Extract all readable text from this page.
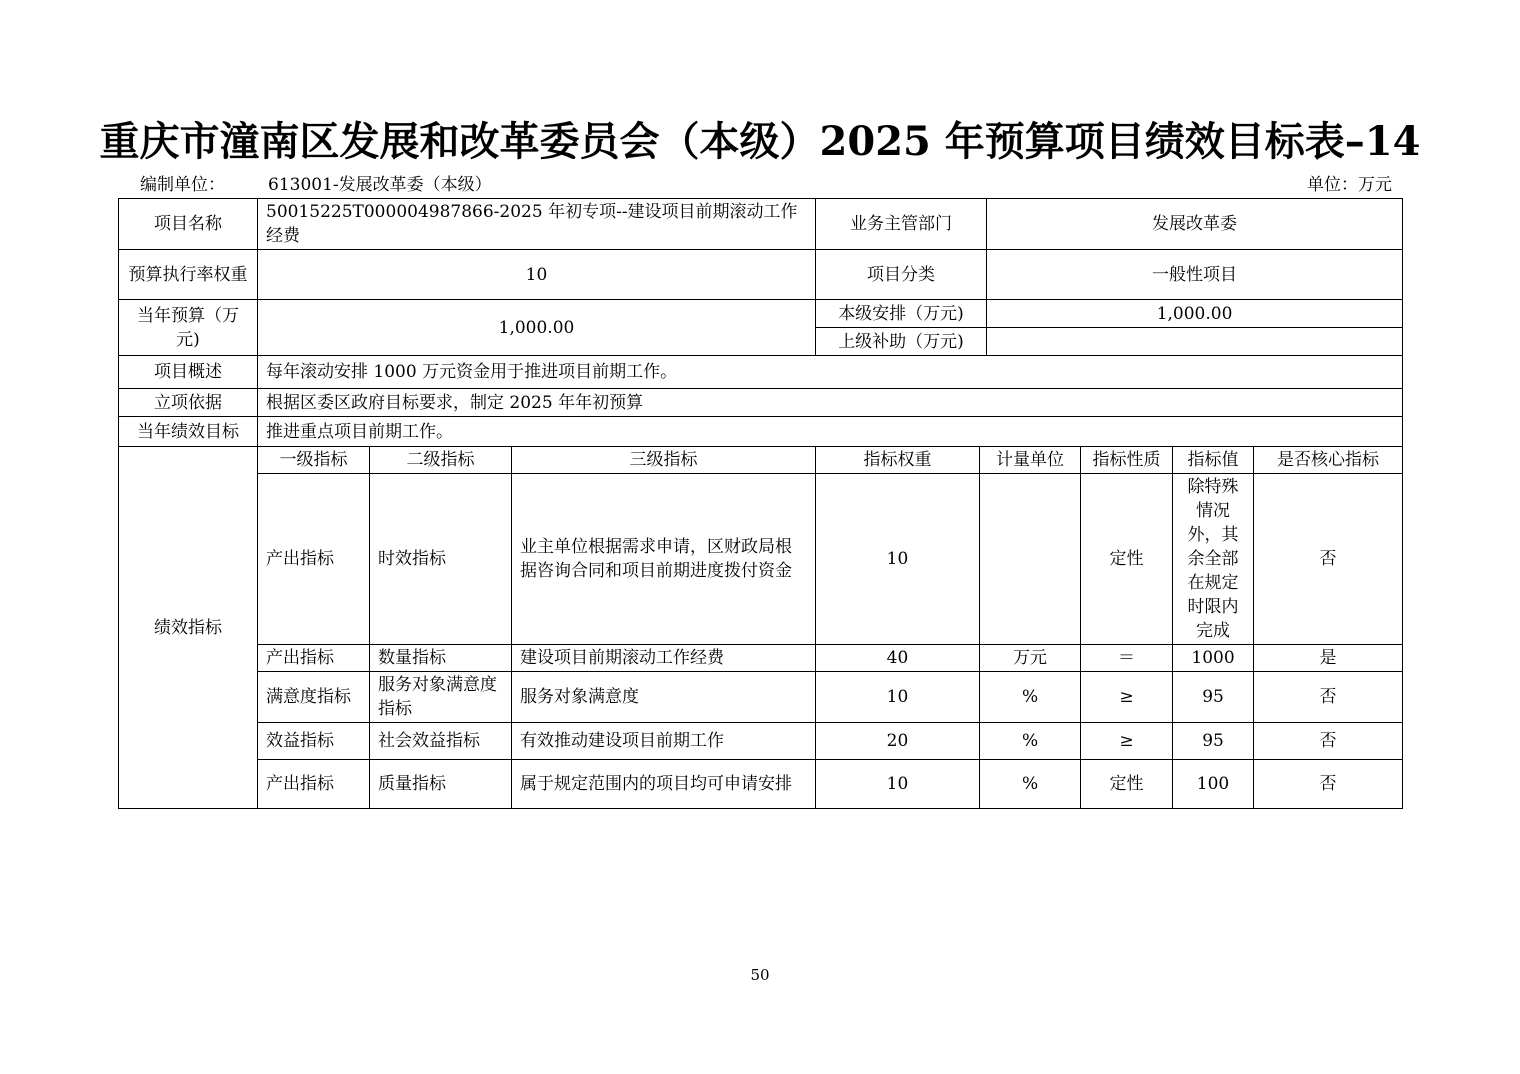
重庆市潼南区发展和改革委员会（本级）2025 年预算项目绩效目标表–14
编制单位：	613001-发展改革委（本级）	单位：万元
项目名称	50015225T000004987866-2025 年初专项--建设项目前期滚动工作经费			业务主管部门		发展改革委			
预算执行率权重	10			项目分类		一般性项目			
当年预算（万元)	1,000.00			本级安排（万元)		1,000.00			
				上级补助（万元)					
项目概述	每年滚动安排 1000 万元资金用于推进项目前期工作。								
立项依据	根据区委区政府目标要求，制定 2025 年年初预算								
当年绩效目标	推进重点项目前期工作。								
绩效指标	一级指标	二级指标	三级指标	指标权重	计量单位		指标性质	指标值	是否核心指标
	产出指标	时效指标	业主单位根据需求申请，区财政局根据咨询合同和项目前期进度拨付资金	10			定性	除特殊情况外，其余全部在规定时限内完成	否
	产出指标	数量指标	建设项目前期滚动工作经费	40	万元		＝	1000	是
	满意度指标	服务对象满意度指标	服务对象满意度	10	%		≥	95	否
	效益指标	社会效益指标	有效推动建设项目前期工作	20	%		≥	95	否
	产出指标	质量指标	属于规定范围内的项目均可申请安排	10	%		定性	100	否
50
